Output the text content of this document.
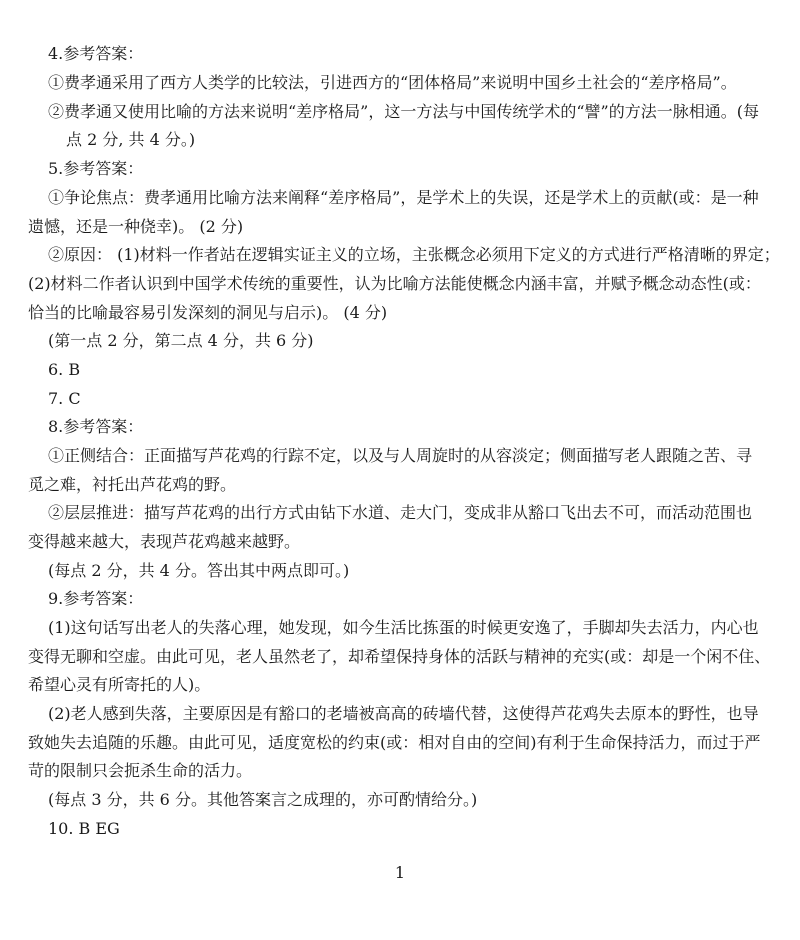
4.参考答案：
①费孝通采用了西方人类学的比较法，引进西方的“团体格局”来说明中国乡土社会的“差序格局”。
②费孝通又使用比喻的方法来说明“差序格局”，这一方法与中国传统学术的“譬”的方法一脉相通。(每
点 2 分, 共 4 分。)
5.参考答案：
①争论焦点：费孝通用比喻方法来阐释“差序格局”，是学术上的失误，还是学术上的贡献(或：是一种
遗憾，还是一种侥幸)。 (2 分)
②原因： (1)材料一作者站在逻辑实证主义的立场，主张概念必须用下定义的方式进行严格清晰的界定；
(2)材料二作者认识到中国学术传统的重要性，认为比喻方法能使概念内涵丰富，并赋予概念动态性(或：
恰当的比喻最容易引发深刻的洞见与启示)。 (4 分)
(第一点 2 分，第二点 4 分，共 6 分)
6. B
7. C
8.参考答案：
①正侧结合：正面描写芦花鸡的行踪不定，以及与人周旋时的从容淡定；侧面描写老人跟随之苦、寻
觅之难，衬托出芦花鸡的野。
②层层推进：描写芦花鸡的出行方式由钻下水道、走大门，变成非从豁口飞出去不可，而活动范围也
变得越来越大，表现芦花鸡越来越野。
(每点 2 分，共 4 分。答出其中两点即可。)
9.参考答案：
(1)这句话写出老人的失落心理，她发现，如今生活比拣蛋的时候更安逸了，手脚却失去活力，内心也
变得无聊和空虚。由此可见，老人虽然老了，却希望保持身体的活跃与精神的充实(或：却是一个闲不住、
希望心灵有所寄托的人)。
(2)老人感到失落，主要原因是有豁口的老墙被高高的砖墙代替，这使得芦花鸡失去原本的野性，也导
致她失去追随的乐趣。由此可见，适度宽松的约束(或：相对自由的空间)有利于生命保持活力，而过于严
苛的限制只会扼杀生命的活力。
(每点 3 分，共 6 分。其他答案言之成理的，亦可酌情给分。)
10. B EG
1
